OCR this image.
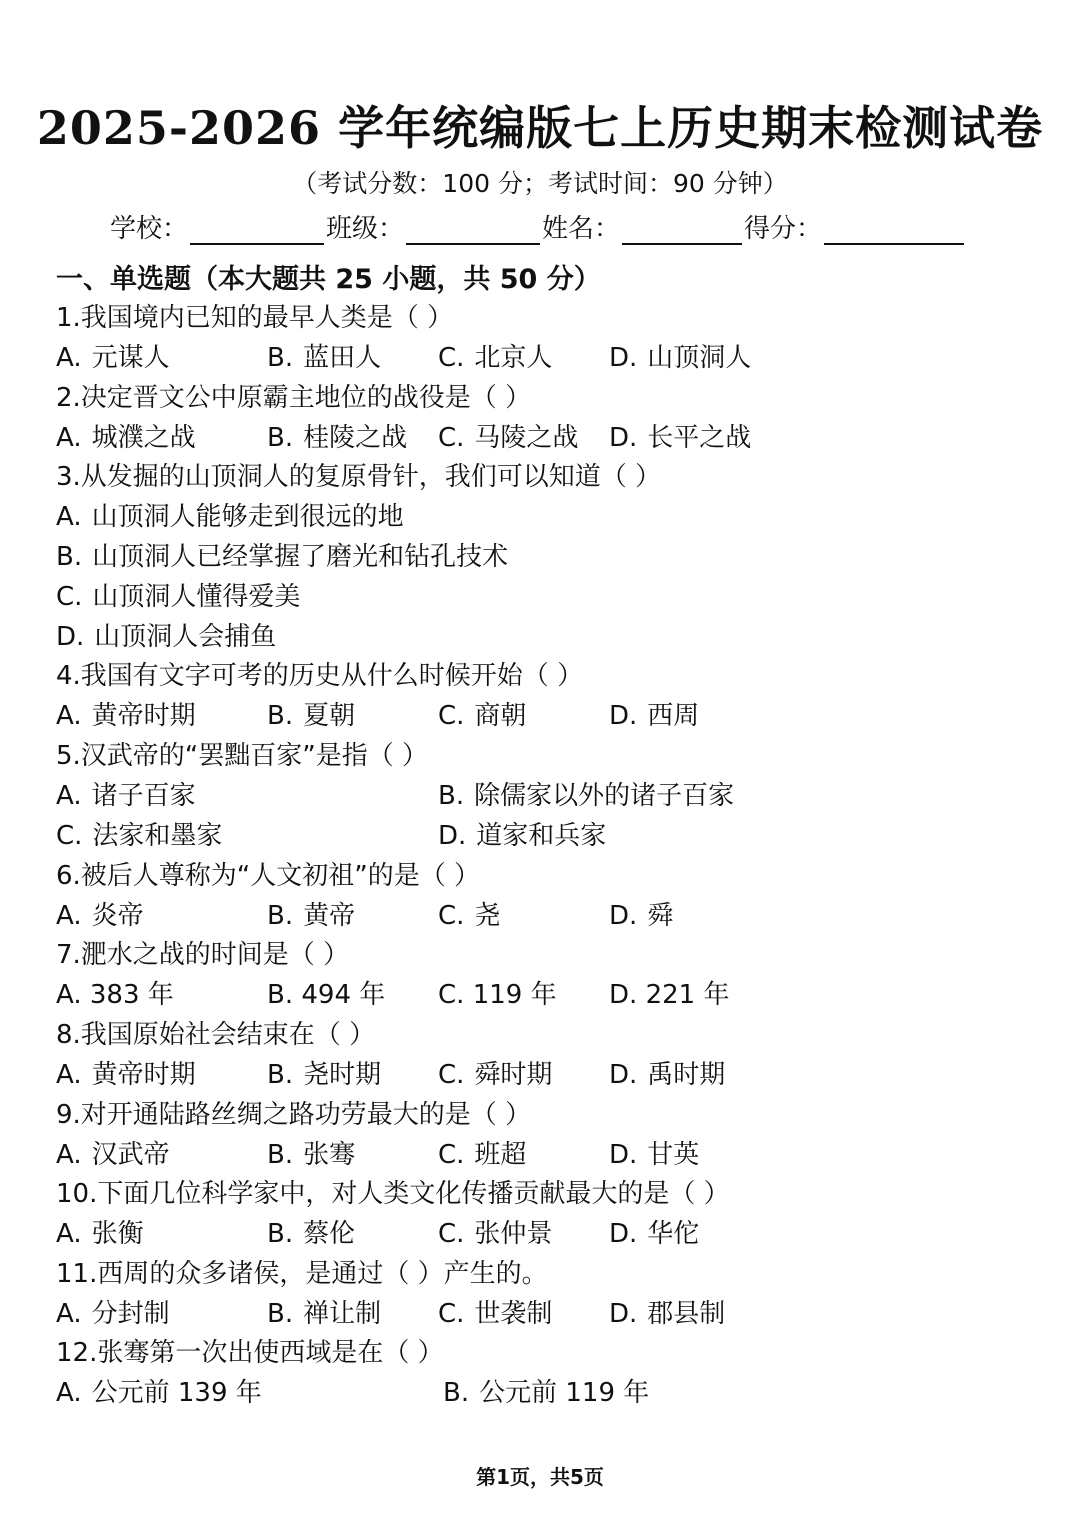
2025-2026 学年统编版七上历史期末检测试卷
（考试分数：100 分；考试时间：90 分钟）
学校：	班级：	姓名：	得分：
一、单选题（本大题共 25 小题，共 50 分）
1.我国境内已知的最早人类是（ ）
A. 元谋人	B. 蓝田人 C. 北京人 D. 山顶洞人
2.决定晋文公中原霸主地位的战役是（ ）
A. 城濮之战	B. 桂陵之战 C. 马陵之战 D. 长平之战
3.从发掘的山顶洞人的复原骨针，我们可以知道（ ）
A. 山顶洞人能够走到很远的地
B. 山顶洞人已经掌握了磨光和钻孔技术
C. 山顶洞人懂得爱美
D. 山顶洞人会捕鱼
4.我国有文字可考的历史从什么时候开始（ ）
A. 黄帝时期	B. 夏朝	C. 商朝	D. 西周
5.汉武帝的“罢黜百家”是指（ ）
A. 诸子百家	B. 除儒家以外的诸子百家
C. 法家和墨家	D. 道家和兵家
6.被后人尊称为“人文初祖”的是（ ）
A. 炎帝	B. 黄帝	C. 尧	D. 舜
7.淝水之战的时间是（ ）
A. 383 年	B. 494 年 C. 119 年 D. 221 年
8.我国原始社会结束在（ ）
A. 黄帝时期	B. 尧时期 C. 舜时期 D. 禹时期
9.对开通陆路丝绸之路功劳最大的是（ ）
A. 汉武帝	B. 张骞	C. 班超	D. 甘英
10.下面几位科学家中，对人类文化传播贡献最大的是（ ）
A. 张衡	B. 蔡伦	C. 张仲景 D. 华佗
11.西周的众多诸侯，是通过（ ）产生的。
A. 分封制	B. 禅让制 C. 世袭制 D. 郡县制
12.张骞第一次出使西域是在（ ）
A. 公元前 139 年	B. 公元前 119 年
第1页，共5页
